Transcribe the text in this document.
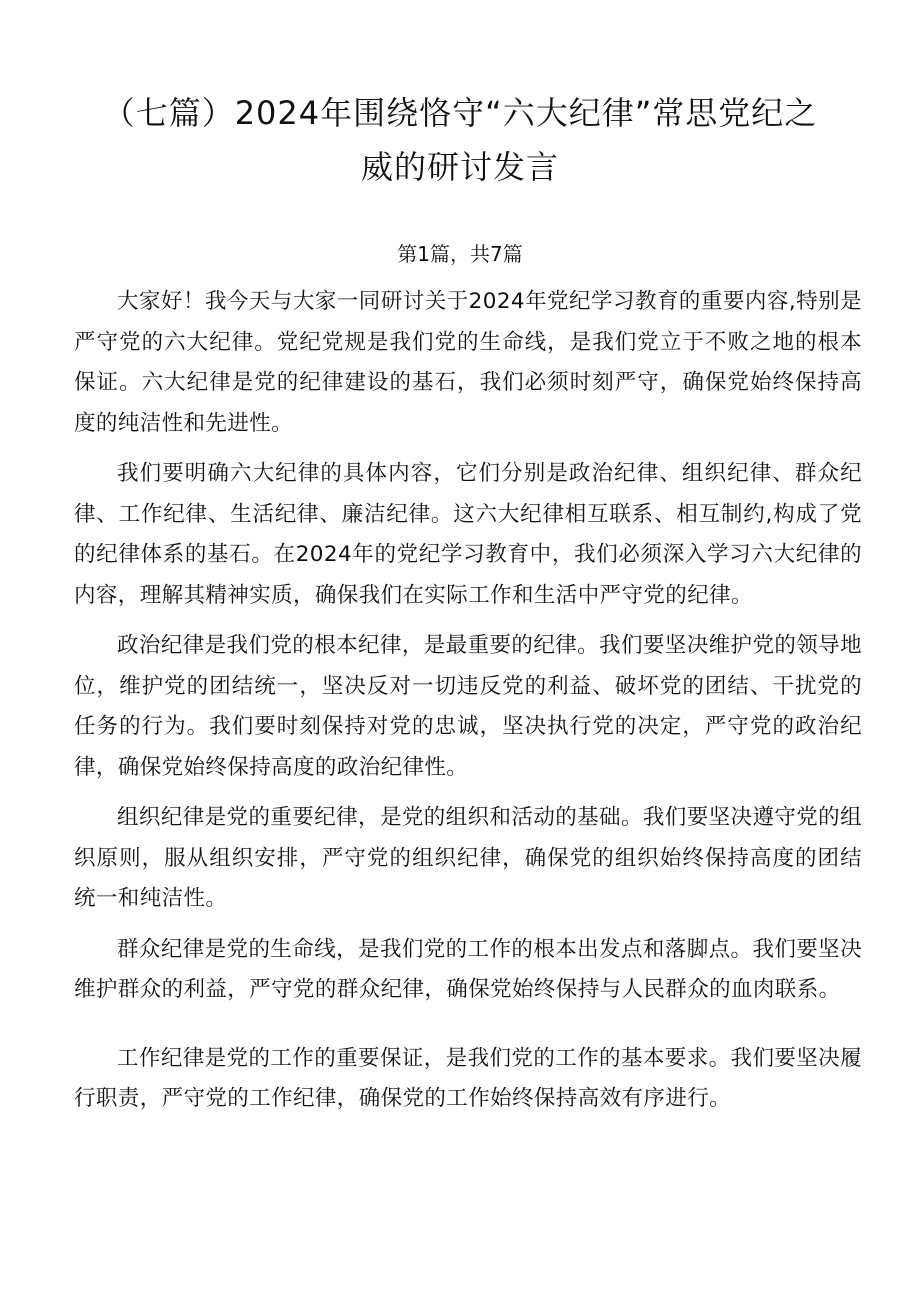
（七篇）2024年围绕恪守“六大纪律”常思党纪之威的研讨发言
第1篇，共7篇

大家好！我今天与大家一同研讨关于2024年党纪学习教育的重要内容,特别是严守党的六大纪律。党纪党规是我们党的生命线，是我们党立于不败之地的根本保证。六大纪律是党的纪律建设的基石，我们必须时刻严守，确保党始终保持高度的纯洁性和先进性。

我们要明确六大纪律的具体内容，它们分别是政治纪律、组织纪律、群众纪律、工作纪律、生活纪律、廉洁纪律。这六大纪律相互联系、相互制约,构成了党的纪律体系的基石。在2024年的党纪学习教育中，我们必须深入学习六大纪律的内容，理解其精神实质，确保我们在实际工作和生活中严守党的纪律。

政治纪律是我们党的根本纪律，是最重要的纪律。我们要坚决维护党的领导地位，维护党的团结统一，坚决反对一切违反党的利益、破坏党的团结、干扰党的任务的行为。我们要时刻保持对党的忠诚，坚决执行党的决定，严守党的政治纪律，确保党始终保持高度的政治纪律性。

组织纪律是党的重要纪律，是党的组织和活动的基础。我们要坚决遵守党的组织原则，服从组织安排，严守党的组织纪律，确保党的组织始终保持高度的团结统一和纯洁性。

群众纪律是党的生命线，是我们党的工作的根本出发点和落脚点。我们要坚决维护群众的利益，严守党的群众纪律，确保党始终保持与人民群众的血肉联系。

工作纪律是党的工作的重要保证，是我们党的工作的基本要求。我们要坚决履行职责，严守党的工作纪律，确保党的工作始终保持高效有序进行。
